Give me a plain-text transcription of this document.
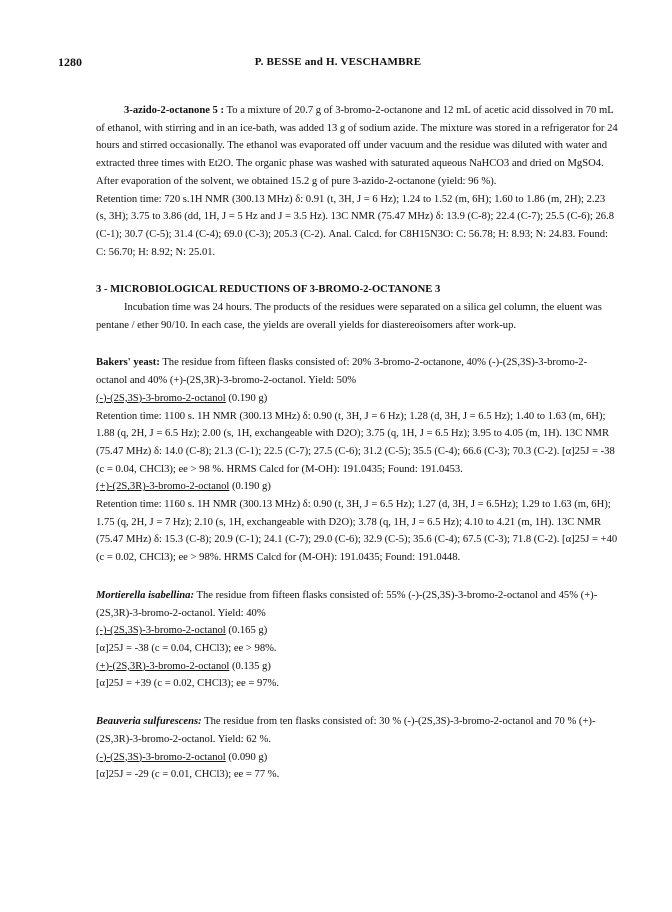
1280	P. BESSE and H. VESCHAMBRE

3-azido-2-octanone 5 : To a mixture of 20.7 g of 3-bromo-2-octanone and 12 mL of acetic acid dissolved in 70 mL of ethanol, with stirring and in an ice-bath, was added 13 g of sodium azide. The mixture was stored in a refrigerator for 24 hours and stirred occasionally. The ethanol was evaporated off under vacuum and the residue was diluted with water and extracted three times with Et2O. The organic phase was washed with saturated aqueous NaHCO3 and dried on MgSO4. After evaporation of the solvent, we obtained 15.2 g of pure 3-azido-2-octanone (yield: 96 %).

Retention time: 720 s.1H NMR (300.13 MHz) δ: 0.91 (t, 3H, J = 6 Hz); 1.24 to 1.52 (m, 6H); 1.60 to 1.86 (m, 2H); 2.23 (s, 3H); 3.75 to 3.86 (dd, 1H, J = 5 Hz and J = 3.5 Hz). 13C NMR (75.47 MHz) δ: 13.9 (C-8); 22.4 (C-7); 25.5 (C-6); 26.8 (C-1); 30.7 (C-5); 31.4 (C-4); 69.0 (C-3); 205.3 (C-2). Anal. Calcd. for C8H15N3O: C: 56.78; H: 8.93; N: 24.83. Found: C: 56.70; H: 8.92; N: 25.01.

3 - MICROBIOLOGICAL REDUCTIONS OF 3-BROMO-2-OCTANONE 3

Incubation time was 24 hours. The products of the residues were separated on a silica gel column, the eluent was pentane / ether 90/10. In each case, the yields are overall yields for diastereoisomers after work-up.

Bakers' yeast: The residue from fifteen flasks consisted of: 20% 3-bromo-2-octanone, 40% (-)-(2S,3S)-3-bromo-2-octanol and 40% (+)-(2S,3R)-3-bromo-2-octanol. Yield: 50%

(-)-(2S,3S)-3-bromo-2-octanol (0.190 g)

Retention time: 1100 s. 1H NMR (300.13 MHz) δ: 0.90 (t, 3H, J = 6 Hz); 1.28 (d, 3H, J = 6.5 Hz); 1.40 to 1.63 (m, 6H); 1.88 (q, 2H, J = 6.5 Hz); 2.00 (s, 1H, exchangeable with D2O); 3.75 (q, 1H, J = 6.5 Hz); 3.95 to 4.05 (m, 1H). 13C NMR (75.47 MHz) δ: 14.0 (C-8); 21.3 (C-1); 22.5 (C-7); 27.5 (C-6); 31.2 (C-5); 35.5 (C-4); 66.6 (C-3); 70.3 (C-2). [α]25J = -38 (c = 0.04, CHCl3); ee > 98 %. HRMS Calcd for (M-OH): 191.0435; Found: 191.0453.

(+)-(2S,3R)-3-bromo-2-octanol (0.190 g)

Retention time: 1160 s. 1H NMR (300.13 MHz) δ: 0.90 (t, 3H, J = 6.5 Hz); 1.27 (d, 3H, J = 6.5Hz); 1.29 to 1.63 (m, 6H); 1.75 (q, 2H, J = 7 Hz); 2.10 (s, 1H, exchangeable with D2O); 3.78 (q, 1H, J = 6.5 Hz); 4.10 to 4.21 (m, 1H). 13C NMR (75.47 MHz) δ: 15.3 (C-8); 20.9 (C-1); 24.1 (C-7); 29.0 (C-6); 32.9 (C-5); 35.6 (C-4); 67.5 (C-3); 71.8 (C-2). [α]25J = +40 (c = 0.02, CHCl3); ee > 98%. HRMS Calcd for (M-OH): 191.0435; Found: 191.0448.

Mortierella isabellina: The residue from fifteen flasks consisted of: 55% (-)-(2S,3S)-3-bromo-2-octanol and 45% (+)-(2S,3R)-3-bromo-2-octanol. Yield: 40%

(-)-(2S,3S)-3-bromo-2-octanol (0.165 g)

[α]25J = -38 (c = 0.04, CHCl3); ee > 98%.

(+)-(2S,3R)-3-bromo-2-octanol (0.135 g)

[α]25J = +39 (c = 0.02, CHCl3); ee = 97%.

Beauveria sulfurescens: The residue from ten flasks consisted of: 30 % (-)-(2S,3S)-3-bromo-2-octanol and 70 % (+)-(2S,3R)-3-bromo-2-octanol. Yield: 62 %.

(-)-(2S,3S)-3-bromo-2-octanol (0.090 g)

[α]25J = -29 (c = 0.01, CHCl3); ee = 77 %.
